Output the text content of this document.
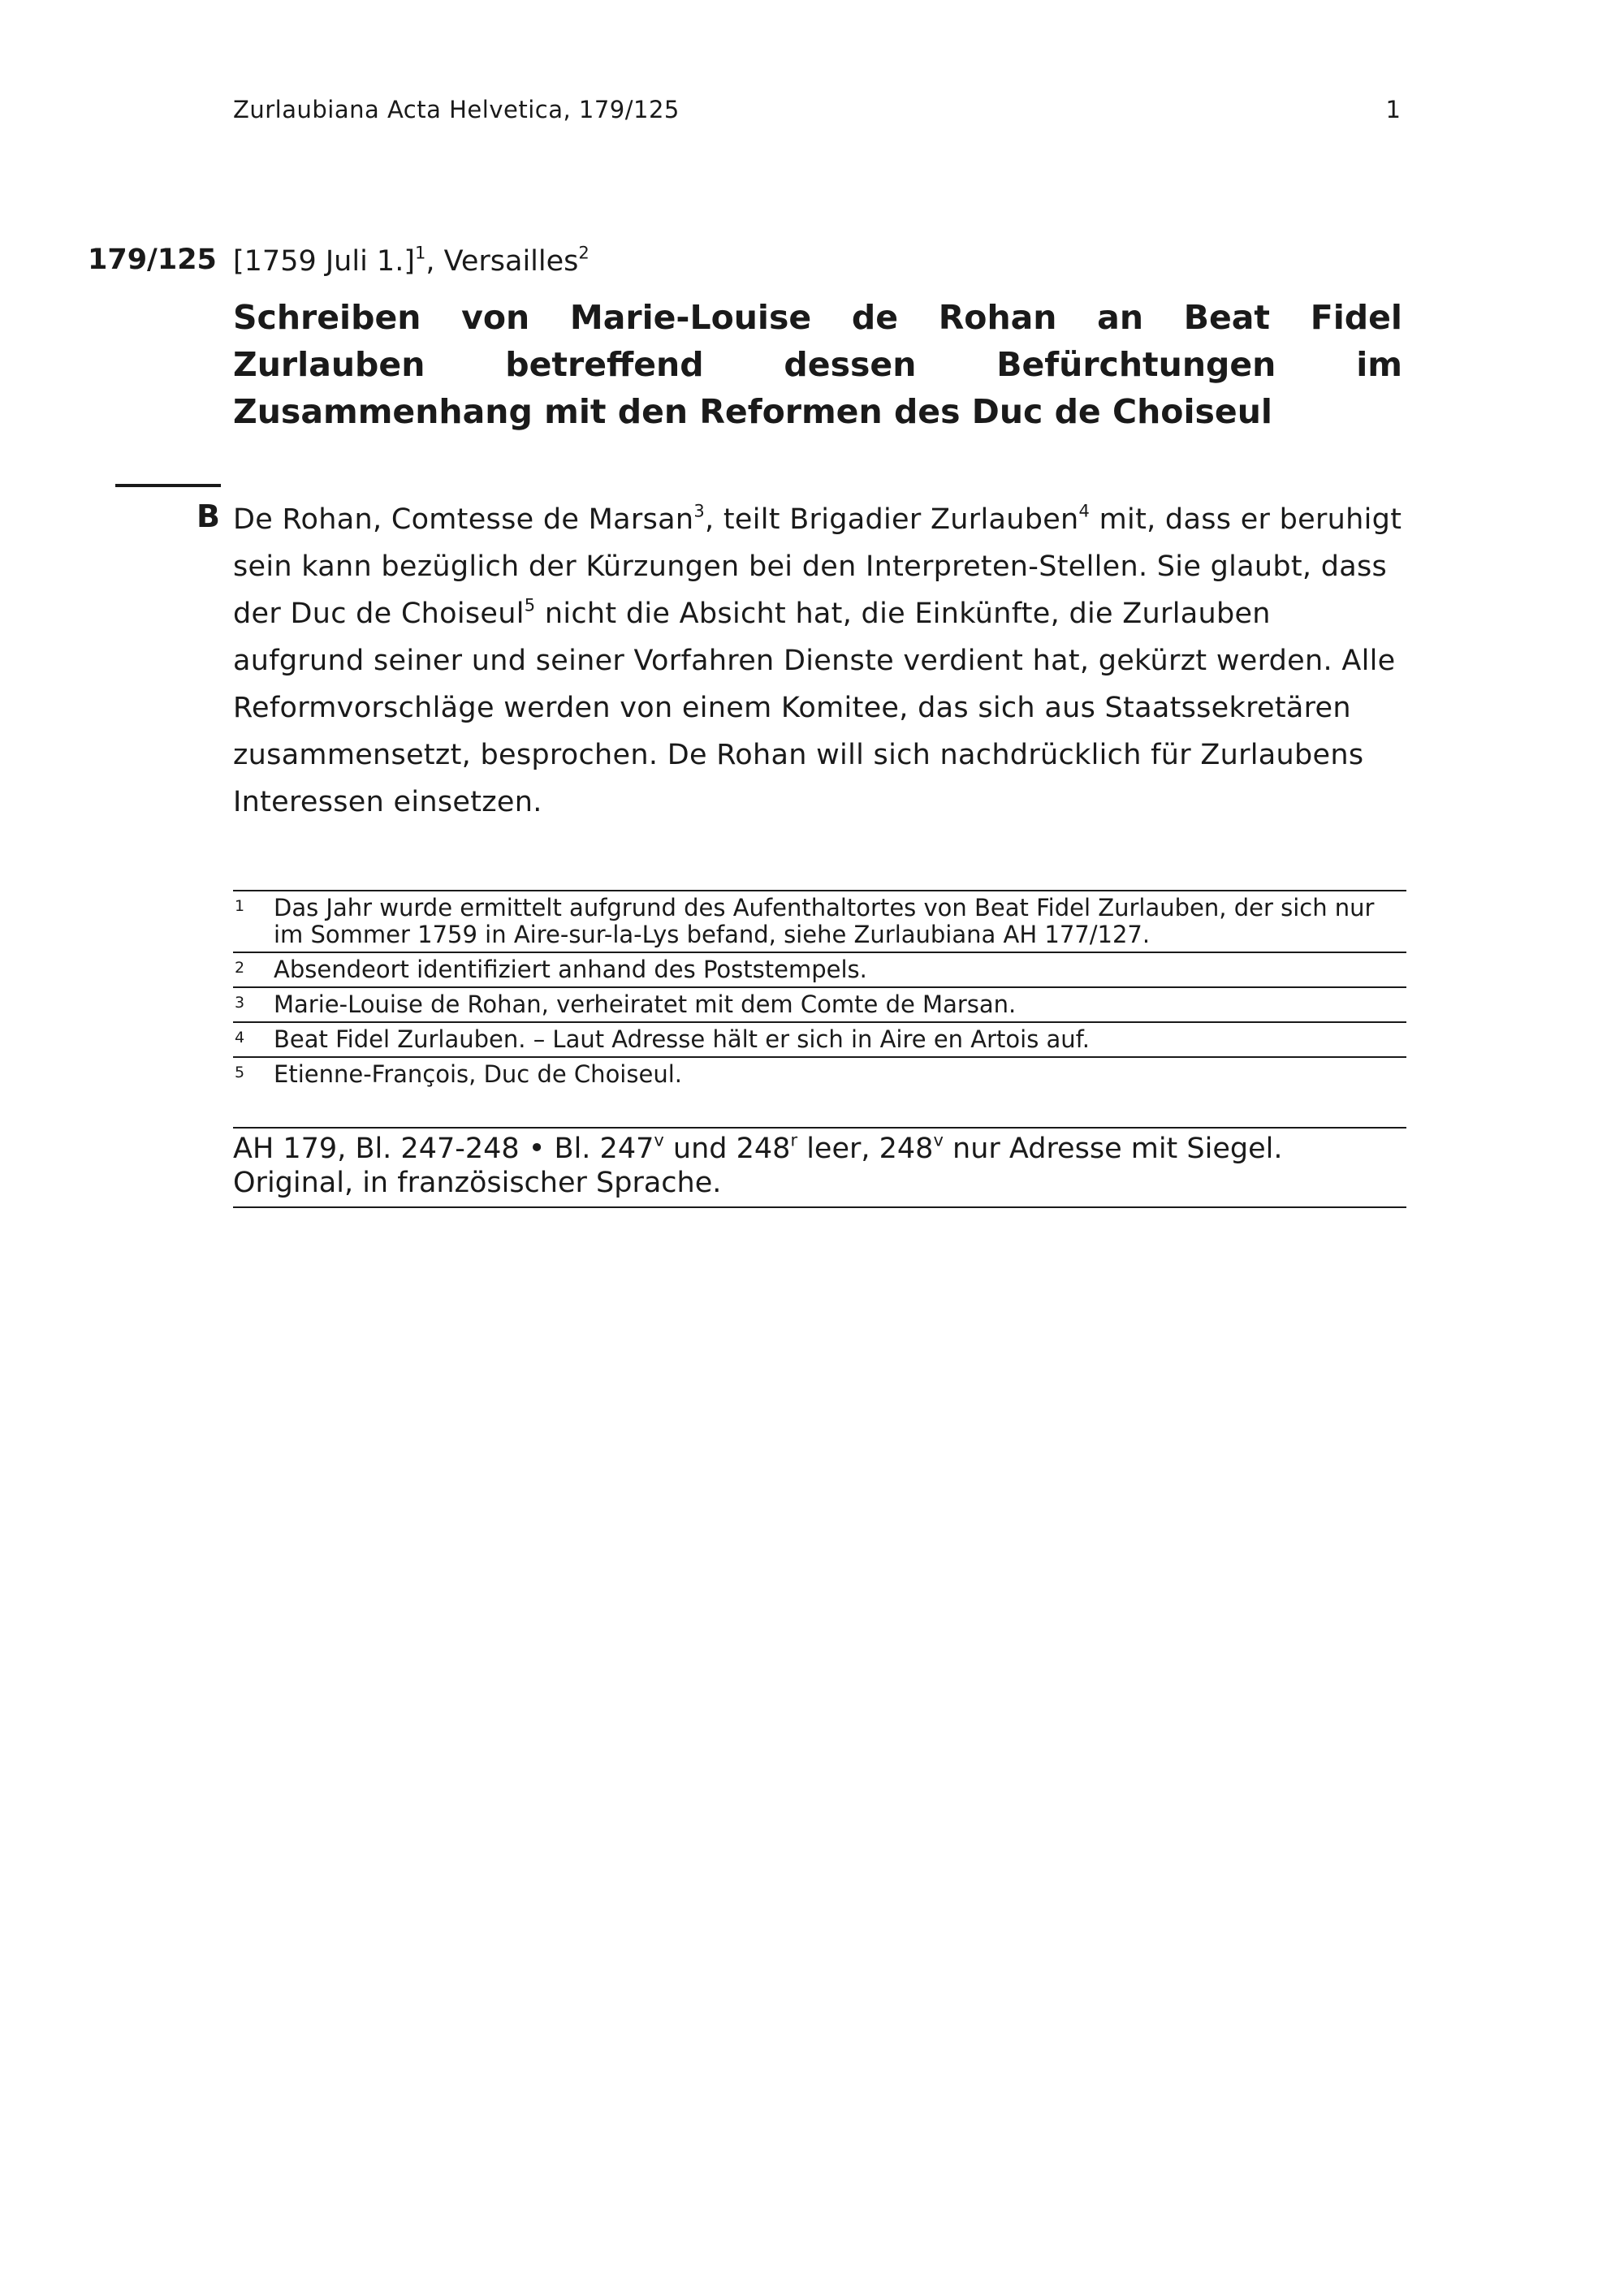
Zurlaubiana Acta Helvetica, 179/125	1
179/125 [1759 Juli 1.]$^1$, Versailles$^2$
Schreiben von Marie-Louise de Rohan an Beat Fidel Zurlauben betreffend dessen Befürchtungen im Zusammenhang mit den Reformen des Duc de Choiseul
B De Rohan, Comtesse de Marsan$^3$, teilt Brigadier Zurlauben$^4$ mit, dass er beruhigt sein kann bezüglich der Kürzungen bei den Interpreten-Stellen. Sie glaubt, dass der Duc de Choiseul$^5$ nicht die Absicht hat, die Einkünfte, die Zurlauben aufgrund seiner und seiner Vorfahren Dienste verdient hat, gekürzt werden. Alle Reformvorschläge werden von einem Komitee, das sich aus Staatssekretären zusammensetzt, besprochen. De Rohan will sich nachdrücklich für Zurlaubens Interessen einsetzen.
1 Das Jahr wurde ermittelt aufgrund des Aufenthaltortes von Beat Fidel Zurlauben, der sich nur im Sommer 1759 in Aire-sur-la-Lys befand, siehe Zurlaubiana AH 177/127.
2 Absendeort identifiziert anhand des Poststempels.
3 Marie-Louise de Rohan, verheiratet mit dem Comte de Marsan.
4 Beat Fidel Zurlauben. – Laut Adresse hält er sich in Aire en Artois auf.
5 Etienne-François, Duc de Choiseul.
AH 179, Bl. 247-248 • Bl. 247$^v$ und 248$^r$ leer, 248$^v$ nur Adresse mit Siegel.
Original, in französischer Sprache.
